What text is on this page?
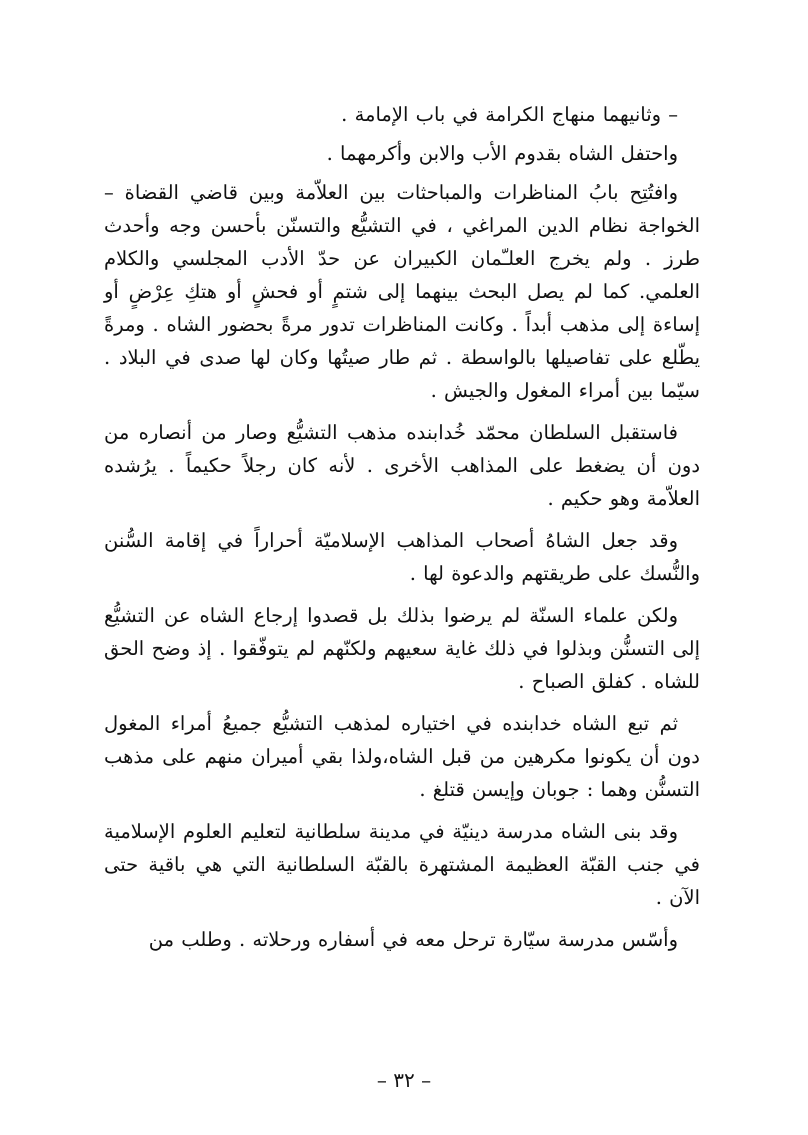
– وثانيهما منهاج الكرامة في باب الإمامة .

واحتفل الشاه بقدوم الأب والابن وأكرمهما .

وافتُتِح بابُ المناظرات والمباحثات بين العلاّمة وبين قاضي القضاة – الخواجة نظام الدين المراغي ، في التشيُّع والتسنّن بأحسن وجه وأحدث طرز . ولم يخرج العلـّمان الكبيران عن حدّ الأدب المجلسي والكلام العلمي. كما لم يصل البحث بينهما إلى شتمٍ أو فحشٍ أو هتكِ عِرْضٍ أو إساءة إلى مذهب أبداً . وكانت المناظرات تدور مرةً بحضور الشاه . ومرةً يطّلع على تفاصيلها بالواسطة . ثم طار صيتُها وكان لها صدى في البلاد . سيّما بين أمراء المغول والجيش .

فاستقبل السلطان محمّد خُدابنده مذهب التشيُّع وصار من أنصاره من دون أن يضغط على المذاهب الأخرى . لأنه كان رجلاً حكيماً . يرُشده العلاّمة وهو حكيم .

وقد جعل الشاهُ أصحاب المذاهب الإسلاميّة أحراراً في إقامة السُّنن والنُّسك على طريقتهم والدعوة لها .

ولكن علماء السنّة لم يرضوا بذلك بل قصدوا إرجاع الشاه عن التشيُّع إلى التسنُّن وبذلوا في ذلك غاية سعيهم ولكنّهم لم يتوفّقوا . إذ وضح الحق للشاه . كفلق الصباح .

ثم تبع الشاه خدابنده في اختياره لمذهب التشيُّع جميعُ أمراء المغول دون أن يكونوا مكرهين من قبل الشاه،ولذا بقي أميران منهم على مذهب التسنُّن وهما : جوبان وإيسن قتلغ .

وقد بنى الشاه مدرسة دينيّة في مدينة سلطانية لتعليم العلوم الإسلامية في جنب القبّة العظيمة المشتهرة بالقبّة السلطانية التي هي باقية حتى الآن .

وأسّس مدرسة سيّارة ترحل معه في أسفاره ورحلاته . وطلب من

– ٣٢ –
